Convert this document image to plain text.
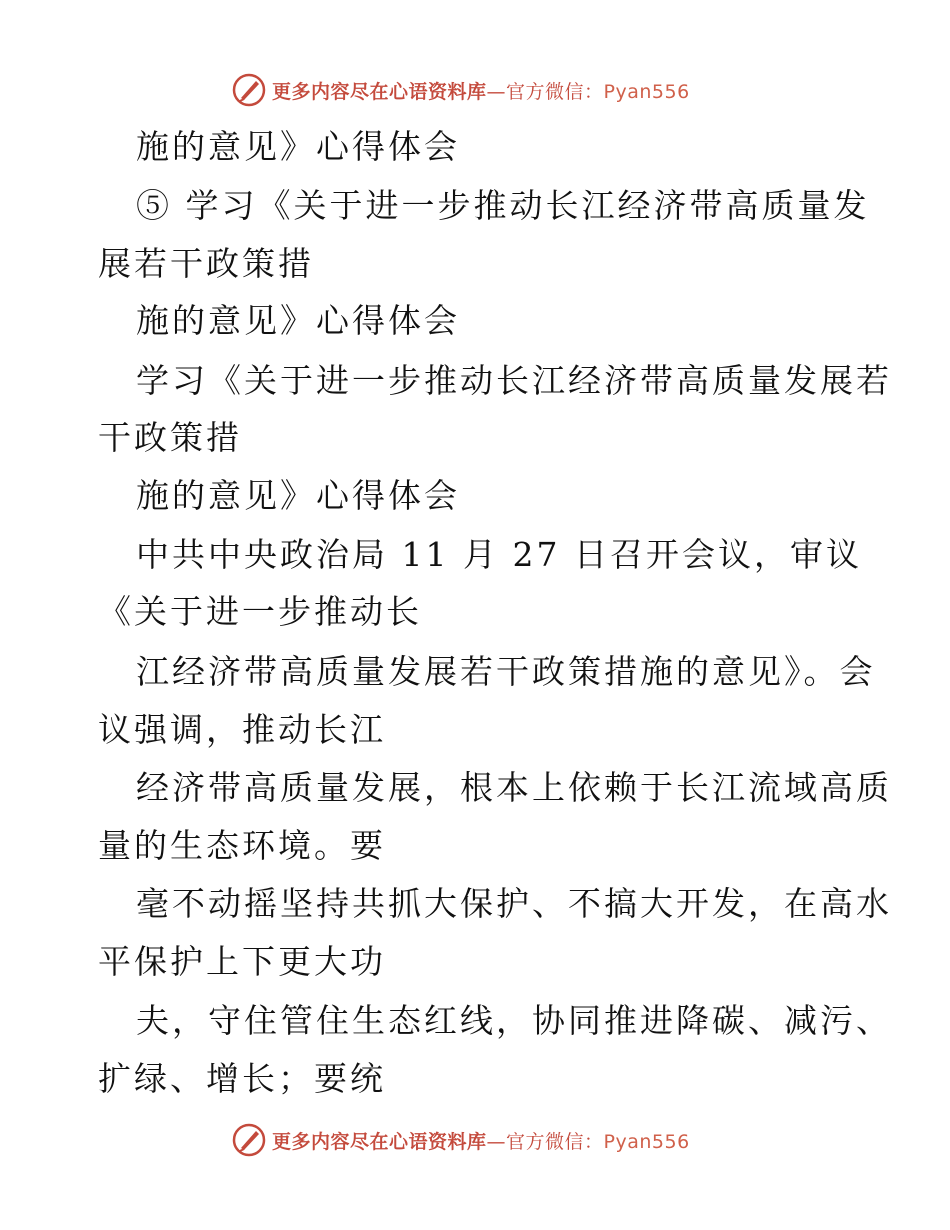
更多内容尽在心语资料库—官方微信：Pyan556
施的意见》心得体会
⑤ 学习《关于进一步推动长江经济带高质量发
展若干政策措
施的意见》心得体会
学习《关于进一步推动长江经济带高质量发展若
干政策措
施的意见》心得体会
中共中央政治局 11 月 27 日召开会议，审议
《关于进一步推动长
江经济带高质量发展若干政策措施的意见》。会
议强调，推动长江
经济带高质量发展，根本上依赖于长江流域高质
量的生态环境。要
毫不动摇坚持共抓大保护、不搞大开发，在高水
平保护上下更大功
夫，守住管住生态红线，协同推进降碳、减污、
扩绿、增长；要统
更多内容尽在心语资料库—官方微信：Pyan556
